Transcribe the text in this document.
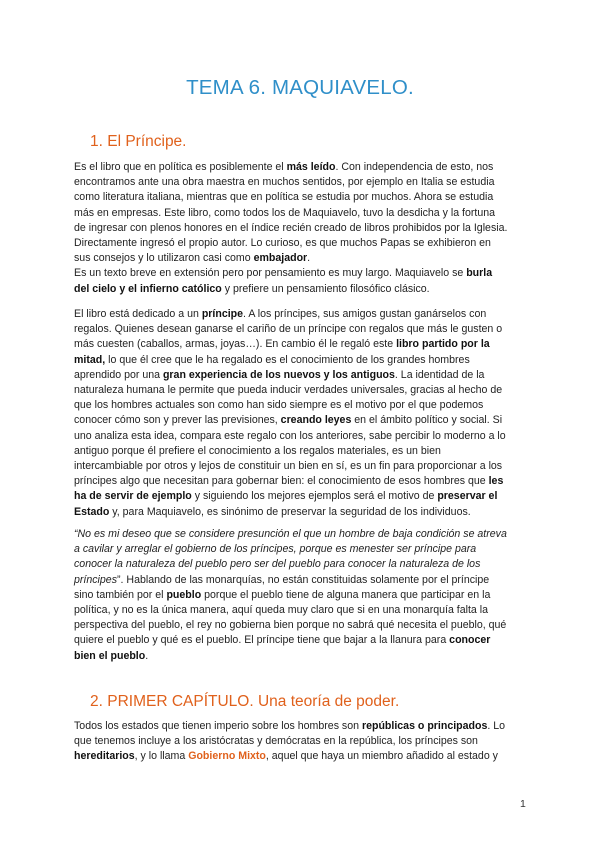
TEMA 6. MAQUIAVELO.
1. El Príncipe.
Es el libro que en política es posiblemente el más leído. Con independencia de esto, nos
encontramos ante una obra maestra en muchos sentidos, por ejemplo en Italia se estudia
como literatura italiana, mientras que en política se estudia por muchos. Ahora se estudia
más en empresas. Este libro, como todos los de Maquiavelo, tuvo la desdicha y la fortuna
de ingresar con plenos honores en el índice recién creado de libros prohibidos por la Iglesia.
Directamente ingresó el propio autor. Lo curioso, es que muchos Papas se exhibieron en
sus consejos y lo utilizaron casi como embajador.
Es un texto breve en extensión pero por pensamiento es muy largo. Maquiavelo se burla
del cielo y el infierno católico y prefiere un pensamiento filosófico clásico.
El libro está dedicado a un príncipe. A los príncipes, sus amigos gustan ganárselos con
regalos. Quienes desean ganarse el cariño de un príncipe con regalos que más le gusten o
más cuesten (caballos, armas, joyas…). En cambio él le regaló este libro partido por la
mitad, lo que él cree que le ha regalado es el conocimiento de los grandes hombres
aprendido por una gran experiencia de los nuevos y los antiguos. La identidad de la
naturaleza humana le permite que pueda inducir verdades universales, gracias al hecho de
que los hombres actuales son como han sido siempre es el motivo por el que podemos
conocer cómo son y prever las previsiones, creando leyes en el ámbito político y social. Si
uno analiza esta idea, compara este regalo con los anteriores, sabe percibir lo moderno a lo
antiguo porque él prefiere el conocimiento a los regalos materiales, es un bien
intercambiable por otros y lejos de constituir un bien en sí, es un fin para proporcionar a los
príncipes algo que necesitan para gobernar bien: el conocimiento de esos hombres que les
ha de servir de ejemplo y siguiendo los mejores ejemplos será el motivo de preservar el
Estado y, para Maquiavelo, es sinónimo de preservar la seguridad de los individuos.
“No es mi deseo que se considere presunción el que un hombre de baja condición se atreva
a cavilar y arreglar el gobierno de los príncipes, porque es menester ser príncipe para
conocer la naturaleza del pueblo pero ser del pueblo para conocer la naturaleza de los
príncipes”. Hablando de las monarquías, no están constituidas solamente por el príncipe
sino también por el pueblo porque el pueblo tiene de alguna manera que participar en la
política, y no es la única manera, aquí queda muy claro que si en una monarquía falta la
perspectiva del pueblo, el rey no gobierna bien porque no sabrá qué necesita el pueblo, qué
quiere el pueblo y qué es el pueblo. El príncipe tiene que bajar a la llanura para conocer
bien el pueblo.
2. PRIMER CAPÍTULO. Una teoría de poder.
Todos los estados que tienen imperio sobre los hombres son repúblicas o principados. Lo
que tenemos incluye a los aristócratas y demócratas en la república, los príncipes son
hereditarios, y lo llama Gobierno Mixto, aquel que haya un miembro añadido al estado y
1
